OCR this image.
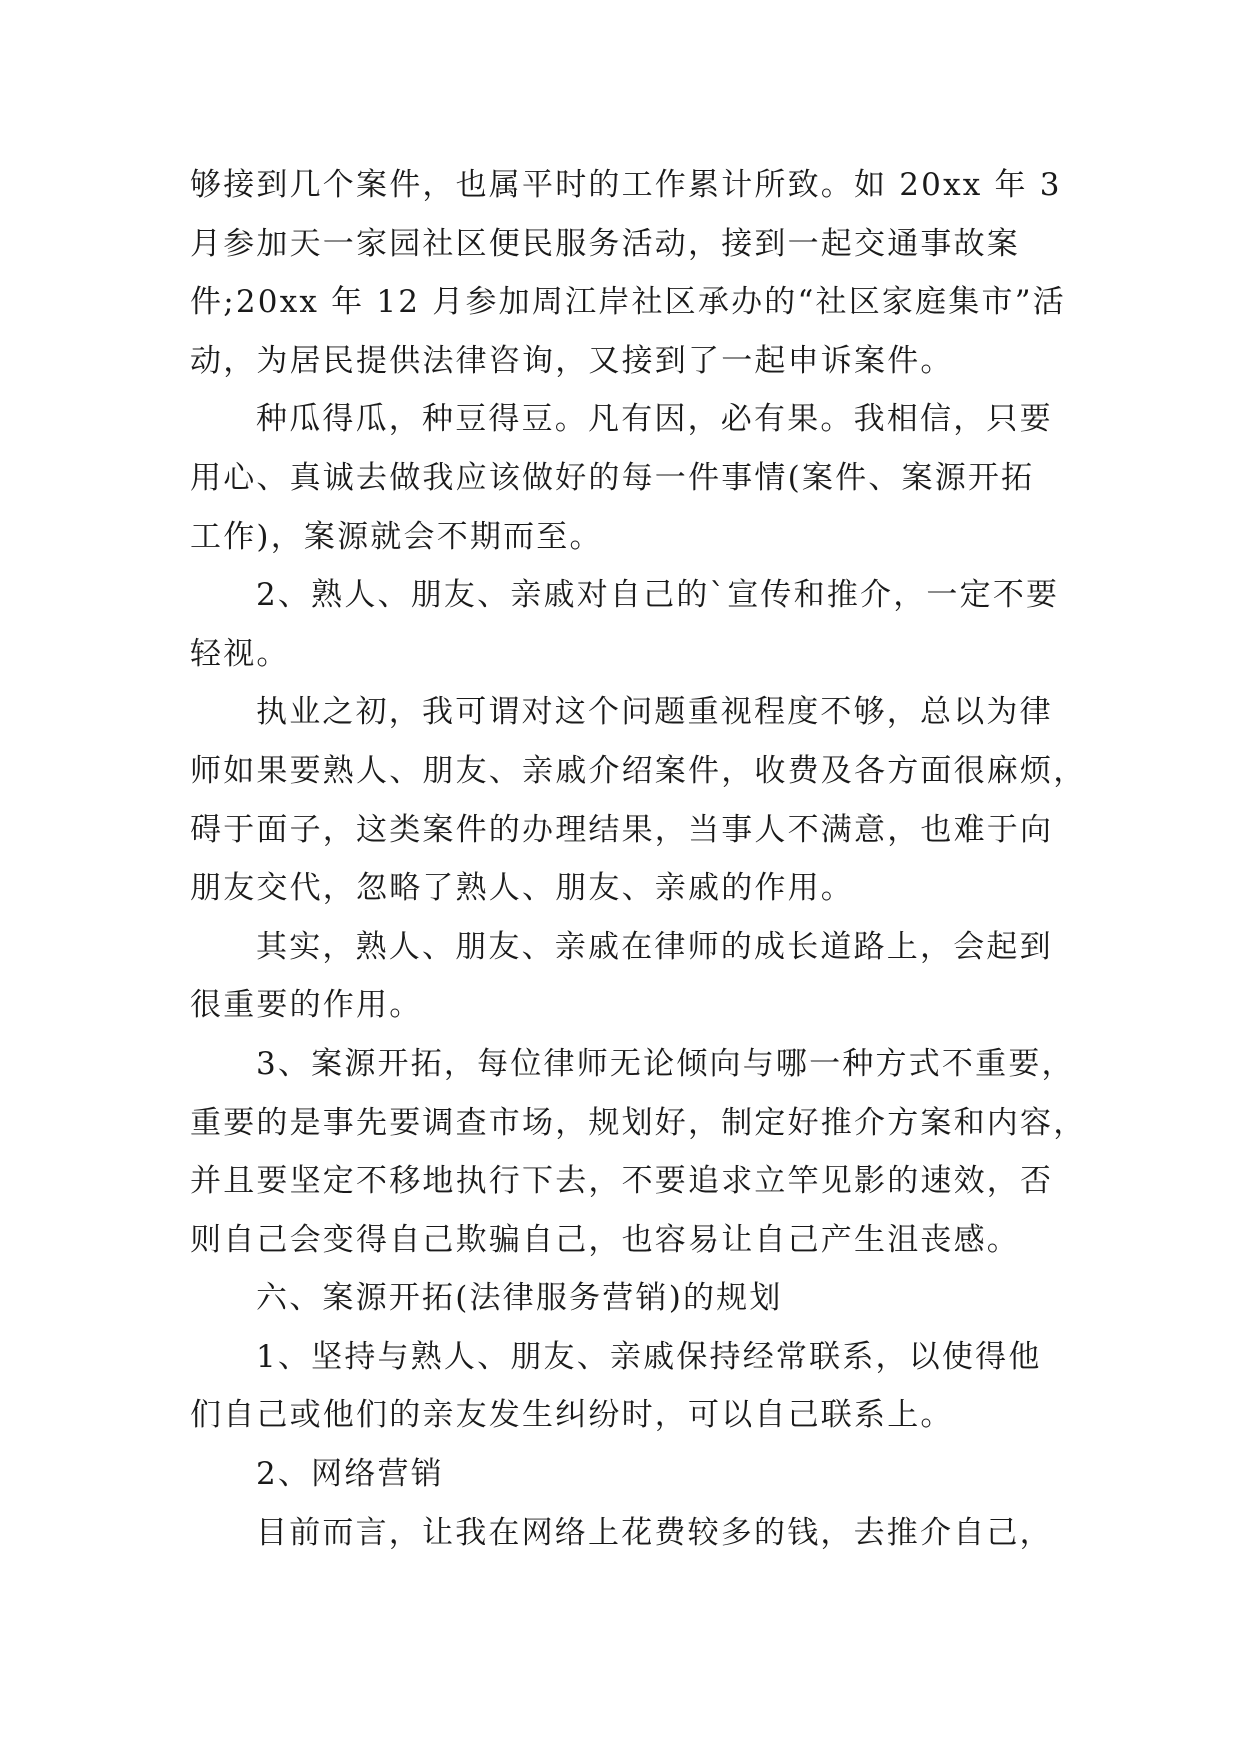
够接到几个案件，也属平时的工作累计所致。如 20xx 年 3
月参加天一家园社区便民服务活动，接到一起交通事故案
件;20xx 年 12 月参加周江岸社区承办的“社区家庭集市”活
动，为居民提供法律咨询，又接到了一起申诉案件。
种瓜得瓜，种豆得豆。凡有因，必有果。我相信，只要
用心、真诚去做我应该做好的每一件事情(案件、案源开拓
工作)，案源就会不期而至。
2、熟人、朋友、亲戚对自己的`宣传和推介，一定不要
轻视。
执业之初，我可谓对这个问题重视程度不够，总以为律
师如果要熟人、朋友、亲戚介绍案件，收费及各方面很麻烦，
碍于面子，这类案件的办理结果，当事人不满意，也难于向
朋友交代，忽略了熟人、朋友、亲戚的作用。
其实，熟人、朋友、亲戚在律师的成长道路上，会起到
很重要的作用。
3、案源开拓，每位律师无论倾向与哪一种方式不重要，
重要的是事先要调查市场，规划好，制定好推介方案和内容，
并且要坚定不移地执行下去，不要追求立竿见影的速效，否
则自己会变得自己欺骗自己，也容易让自己产生沮丧感。
六、案源开拓(法律服务营销)的规划
1、坚持与熟人、朋友、亲戚保持经常联系，以使得他
们自己或他们的亲友发生纠纷时，可以自己联系上。
2、网络营销
目前而言，让我在网络上花费较多的钱，去推介自己，
